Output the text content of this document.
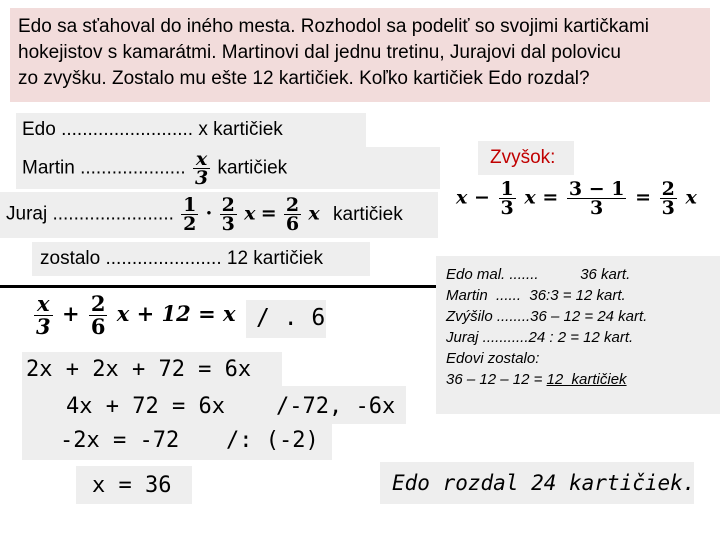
Edo sa sťahoval do iného mesta. Rozhodol sa podeliť so svojimi kartičkami
hokejistov s kamarátmi. Martinovi dal jednu tretinu, Jurajovi dal polovicu
zo zvyšku. Zostalo mu ešte 12 kartičiek. Koľko kartičiek Edo rozdal?
Edo ......................... x kartičiek
Martin .................... $\frac{x}{3}$ kartičiek
Juraj ....................... $\frac{1}{2} \cdot \frac{2}{3}$ $x = \frac{2}{6}$ x kartičiek
zostalo ...................... 12 kartičiek
$\frac{x}{3} + \frac{2}{6}$ x + 12 = x / . 6
2x + 2x + 72 = 6x
4x + 72 = 6x /-72, -6x
-2x = -72 /: (-2)
x = 36
Zvyšok:
$x - \frac{1}{3}$ $x = \frac{3 - 1}{3} = \frac{2}{3}$ x
Edo mal. .......          36 kart.
Martin  ......  36:3 = 12 kart.
Zvýšilo ........36 – 12 = 24 kart.
Juraj ...........24 : 2 = 12 kart.
Edovi zostalo:
36 – 12 – 12 = 12  kartičiek
Edo rozdal 24 kartičiek.
